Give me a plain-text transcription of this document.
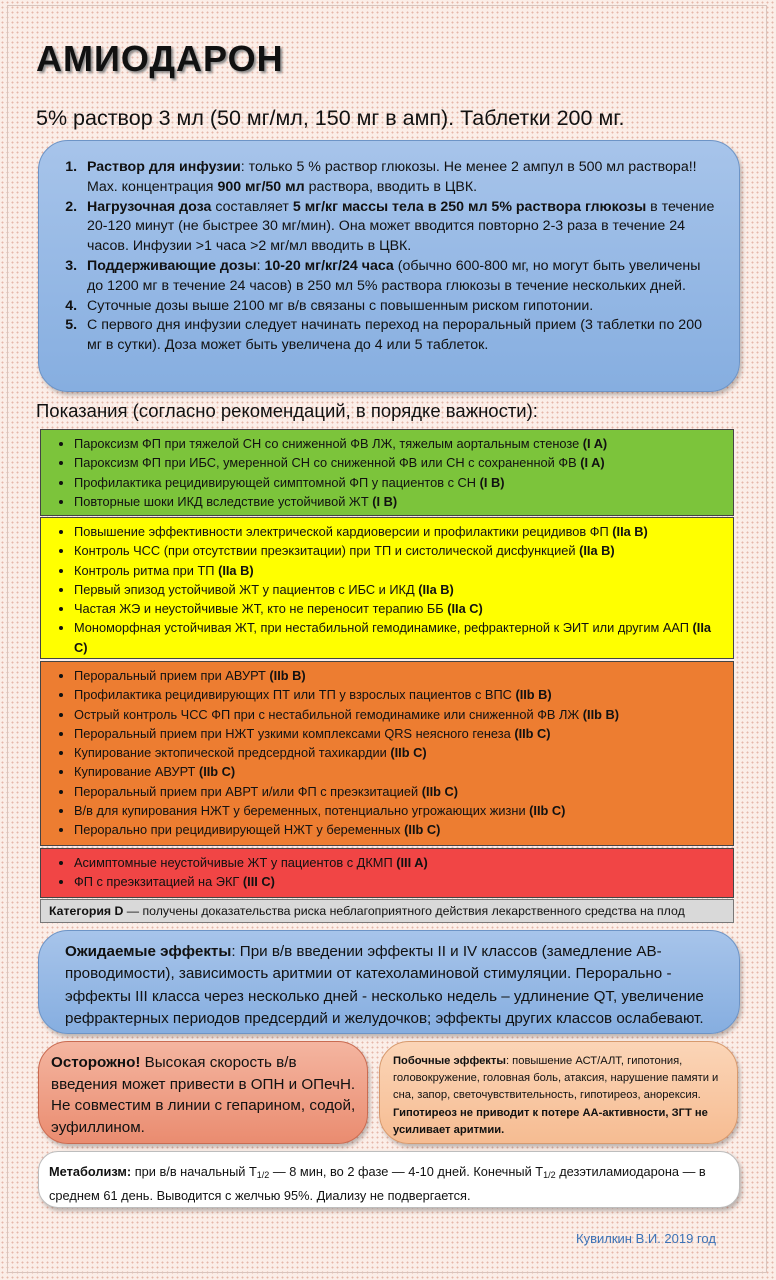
АМИОДАРОН
5% раствор 3 мл (50 мг/мл, 150 мг в амп). Таблетки 200 мг.
1. Раствор для инфузии: только 5 % раствор глюкозы. Не менее 2 ампул в 500 мл раствора!! Max. концентрация 900 мг/50 мл раствора, вводить в ЦВК.
2. Нагрузочная доза составляет 5 мг/кг массы тела в 250 мл 5% раствора глюкозы в течение 20-120 минут (не быстрее 30 мг/мин). Она может вводится повторно 2-3 раза в течение 24 часов. Инфузии >1 часа >2 мг/мл вводить в ЦВК.
3. Поддерживающие дозы: 10-20 мг/кг/24 часа (обычно 600-800 мг, но могут быть увеличены до 1200 мг в течение 24 часов) в 250 мл 5% раствора глюкозы в течение нескольких дней.
4. Суточные дозы выше 2100 мг в/в связаны с повышенным риском гипотонии.
5. С первого дня инфузии следует начинать переход на пероральный прием (3 таблетки по 200 мг в сутки). Доза может быть увеличена до 4 или 5 таблеток.
Показания (согласно рекомендаций, в порядке важности):
• Пароксизм ФП при тяжелой СН со сниженной ФВ ЛЖ, тяжелым аортальным стенозе (I A)
• Пароксизм ФП при ИБС, умеренной СН со сниженной ФВ или СН с сохраненной ФВ (I A)
• Профилактика рецидивирующей симптомной ФП у пациентов с СН (I B)
• Повторные шоки ИКД вследствие устойчивой ЖТ (I B)
• Повышение эффективности электрической кардиоверсии и профилактики рецидивов ФП (IIa B)
• Контроль ЧСС (при отсутствии преэкзитации) при ТП и систолической дисфункцией (IIa B)
• Контроль ритма при ТП (IIa B)
• Первый эпизод устойчивой ЖТ у пациентов с ИБС и ИКД (IIa B)
• Частая ЖЭ и неустойчивые ЖТ, кто не переносит терапию ББ (IIa C)
• Мономорфная устойчивая ЖТ, при нестабильной гемодинамике, рефрактерной к ЭИТ или другим ААП (IIa C)
• Пероральный прием при АВУРТ (IIb B)
• Профилактика рецидивирующих ПТ или ТП у взрослых пациентов с ВПС (IIb B)
• Острый контроль ЧСС ФП при с нестабильной гемодинамике или сниженной ФВ ЛЖ (IIb B)
• Пероральный прием при НЖТ узкими комплексами QRS неясного генеза (IIb C)
• Купирование эктопической предсердной тахикардии (IIb C)
• Купирование АВУРТ (IIb C)
• Пероральный прием при АВРТ и/или ФП с преэкзитацией (IIb C)
• В/в для купирования НЖТ у беременных, потенциально угрожающих жизни (IIb C)
• Перорально при рецидивирующей НЖТ у беременных (IIb C)
• Асимптомные неустойчивые ЖТ у пациентов с ДКМП (III A)
• ФП с преэкзитацией на ЭКГ (III C)
Категория D — получены доказательства риска неблагоприятного действия лекарственного средства на плод
Ожидаемые эффекты: При в/в введении эффекты II и IV классов (замедление АВ-проводимости), зависимость аритмии от катехоламиновой стимуляции. Перорально - эффекты III класса через несколько дней - несколько недель – удлинение QT, увеличение рефрактерных периодов предсердий и желудочков; эффекты других классов ослабевают.
Осторожно! Высокая скорость в/в введения может привести в ОПН и ОПечН. Не совместим в линии с гепарином, содой, эуфиллином.
Побочные эффекты: повышение АСТ/АЛТ, гипотония, головокружение, головная боль, атаксия, нарушение памяти и сна, запор, светочувствительность, гипотиреоз, анорексия. Гипотиреоз не приводит к потере АА-активности, ЗГТ не усиливает аритмии.
Метаболизм: при в/в начальный $T_{1/2}$ — 8 мин, во 2 фазе — 4-10 дней. Конечный $T_{1/2}$ дезэтиламиодарона — в среднем 61 день. Выводится с желчью 95%. Диализу не подвергается.
Кувилкин В.И. 2019 год
